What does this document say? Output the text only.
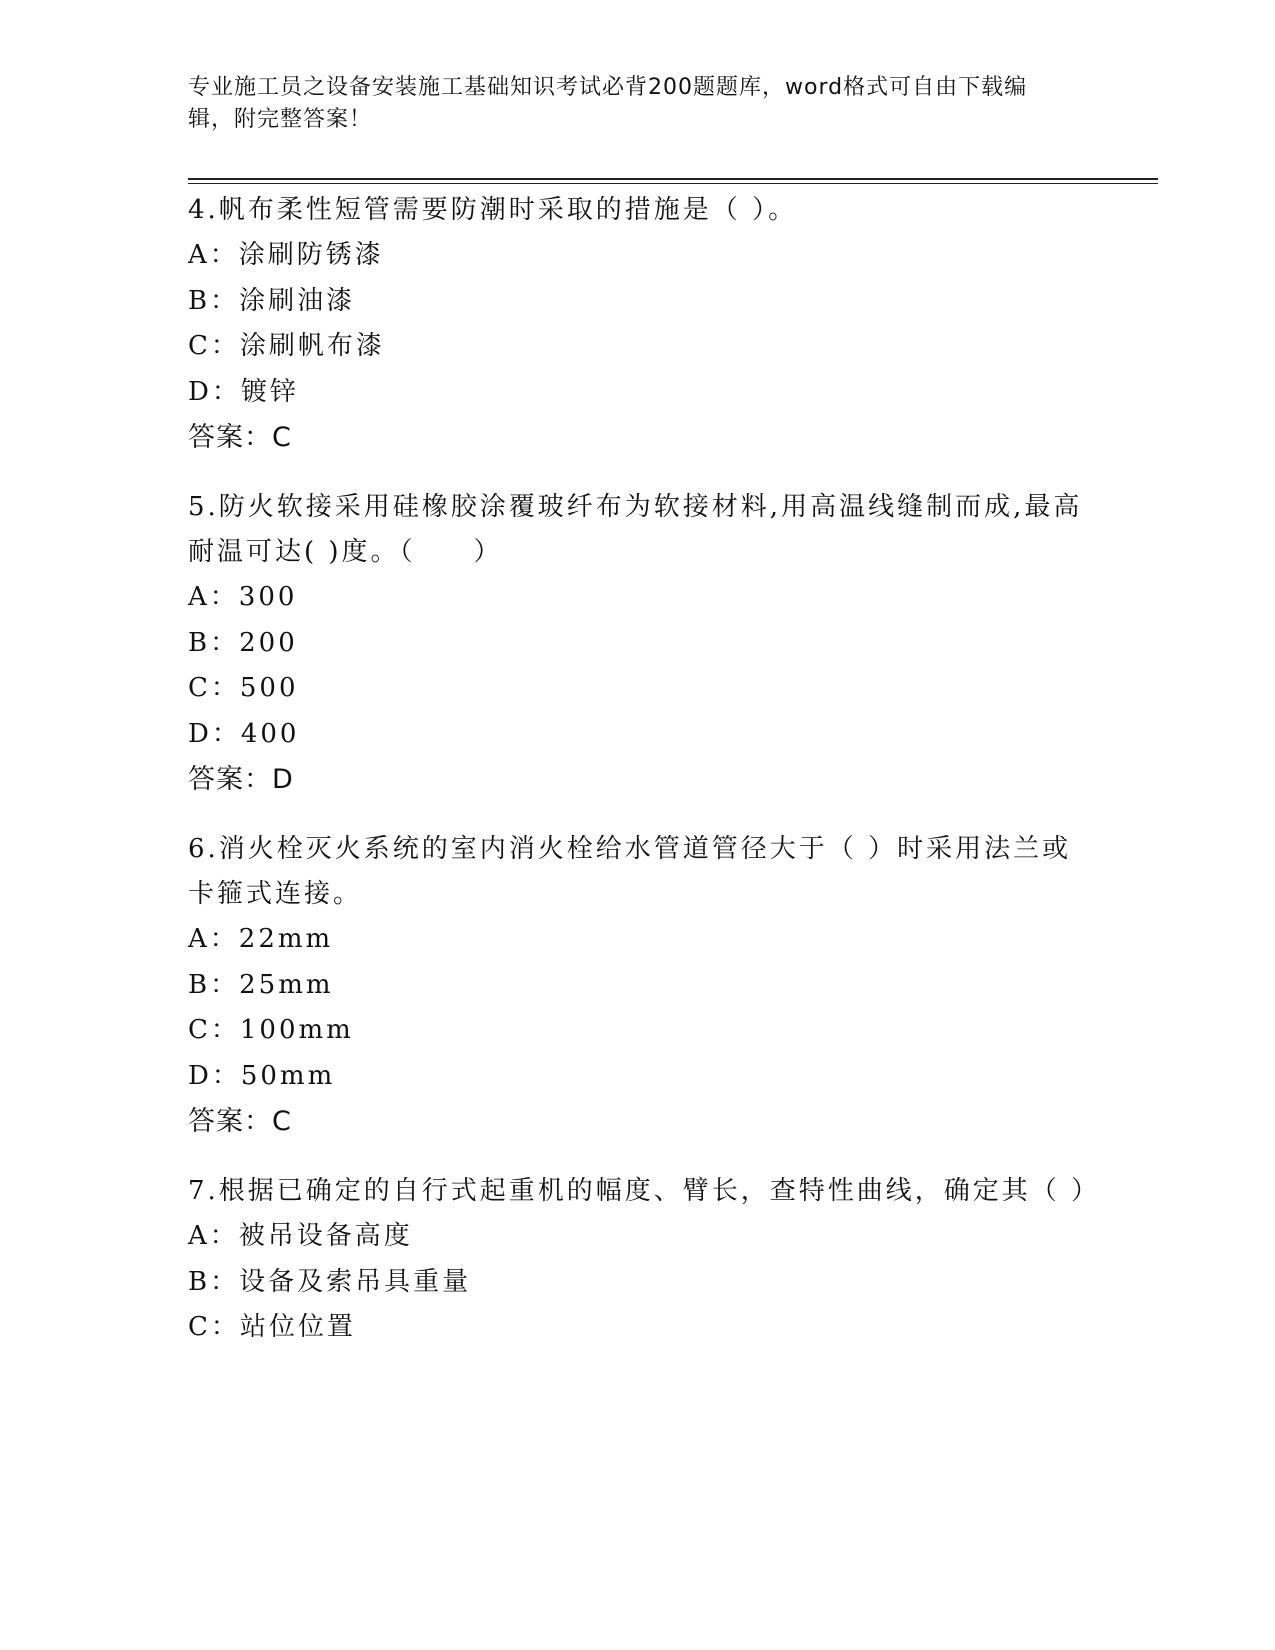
专业施工员之设备安装施工基础知识考试必背200题题库，word格式可自由下载编辑，附完整答案！
4.帆布柔性短管需要防潮时采取的措施是（ ）。
A：涂刷防锈漆
B：涂刷油漆
C：涂刷帆布漆
D：镀锌
答案：C
5.防火软接采用硅橡胶涂覆玻纤布为软接材料,用高温线缝制而成,最高耐温可达( )度。（　　）
A：300
B：200
C：500
D：400
答案：D
6.消火栓灭火系统的室内消火栓给水管道管径大于（ ）时采用法兰或卡箍式连接。
A：22mm
B：25mm
C：100mm
D：50mm
答案：C
7.根据已确定的自行式起重机的幅度、臂长，查特性曲线，确定其（ ）
A：被吊设备高度
B：设备及索吊具重量
C：站位位置
